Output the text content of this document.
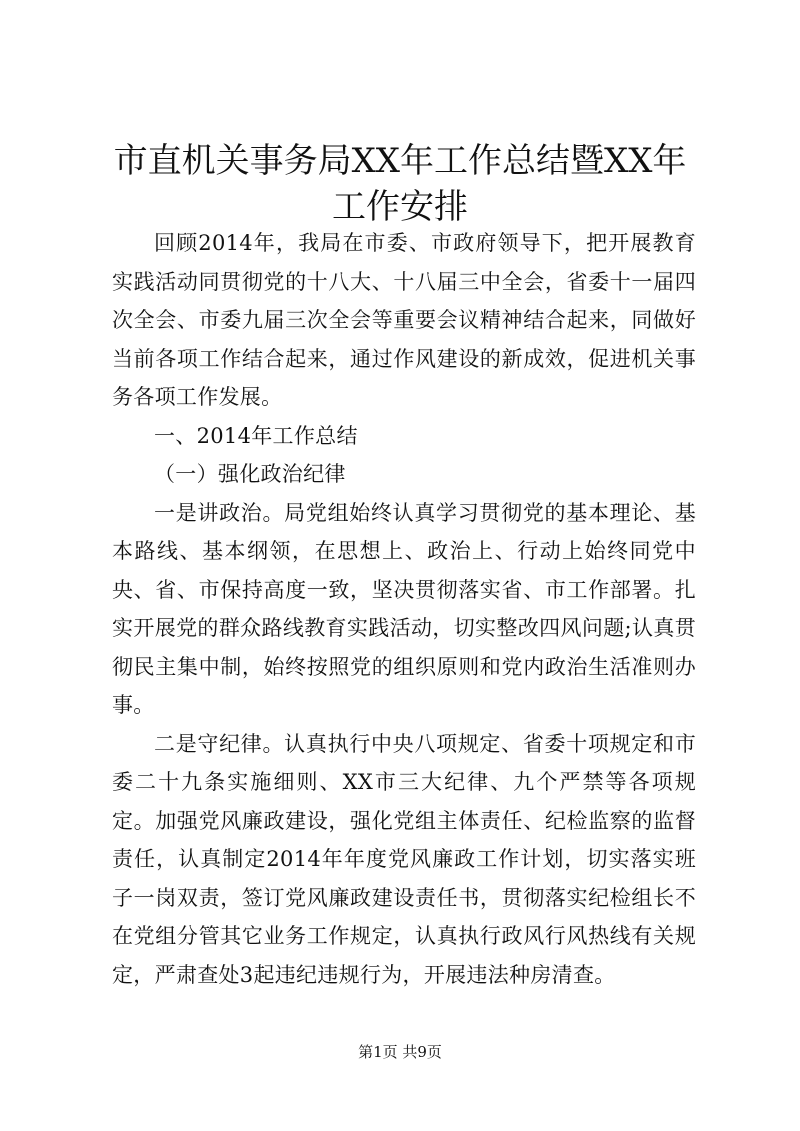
市直机关事务局XX年工作总结暨XX年工作安排

回顾2014年，我局在市委、市政府领导下，把开展教育实践活动同贯彻党的十八大、十八届三中全会，省委十一届四次全会、市委九届三次全会等重要会议精神结合起来，同做好当前各项工作结合起来，通过作风建设的新成效，促进机关事务各项工作发展。

一、2014年工作总结

（一）强化政治纪律

一是讲政治。局党组始终认真学习贯彻党的基本理论、基本路线、基本纲领，在思想上、政治上、行动上始终同党中央、省、市保持高度一致，坚决贯彻落实省、市工作部署。扎实开展党的群众路线教育实践活动，切实整改四风问题;认真贯彻民主集中制，始终按照党的组织原则和党内政治生活准则办事。

二是守纪律。认真执行中央八项规定、省委十项规定和市委二十九条实施细则、XX市三大纪律、九个严禁等各项规定。加强党风廉政建设，强化党组主体责任、纪检监察的监督责任，认真制定2014年年度党风廉政工作计划，切实落实班子一岗双责，签订党风廉政建设责任书，贯彻落实纪检组长不在党组分管其它业务工作规定，认真执行政风行风热线有关规定，严肃查处3起违纪违规行为，开展违法种房清查。

第1页 共9页
